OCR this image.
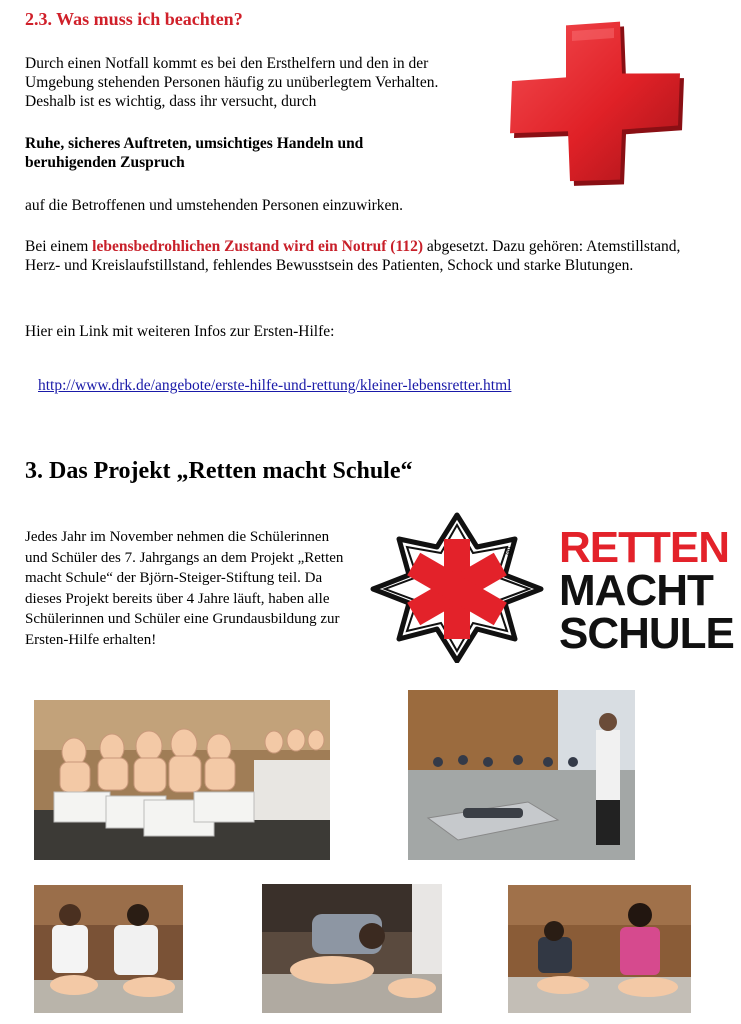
2.3. Was muss ich beachten?

Durch einen Notfall kommt es bei den Ersthelfern und den in der Umgebung stehenden Personen häufig zu unüberlegtem Verhalten. Deshalb ist es wichtig, dass ihr versucht, durch

Ruhe, sicheres Auftreten, umsichtiges Handeln und beruhigenden Zuspruch

auf die Betroffenen und umstehenden Personen einzuwirken.

Bei einem lebensbedrohlichen Zustand wird ein Notruf (112) abgesetzt. Dazu gehören: Atemstillstand, Herz- und Kreislaufstillstand, fehlendes Bewusstsein des Patienten, Schock und starke Blutungen.

Hier ein Link mit weiteren Infos zur Ersten-Hilfe:

http://www.drk.de/angebote/erste-hilfe-und-rettung/kleiner-lebensretter.html
3. Das Projekt „Retten macht Schule“

Jedes Jahr im November nehmen die Schülerinnen und Schüler des 7. Jahrgangs an dem Projekt „Retten macht Schule“ der Björn-Steiger-Stiftung teil. Da dieses Projekt bereits über 4 Jahre läuft, haben alle Schülerinnen und Schüler eine Grundausbildung zur Ersten-Hilfe erhalten!

® RETTEN
MACHT
SCHULE
